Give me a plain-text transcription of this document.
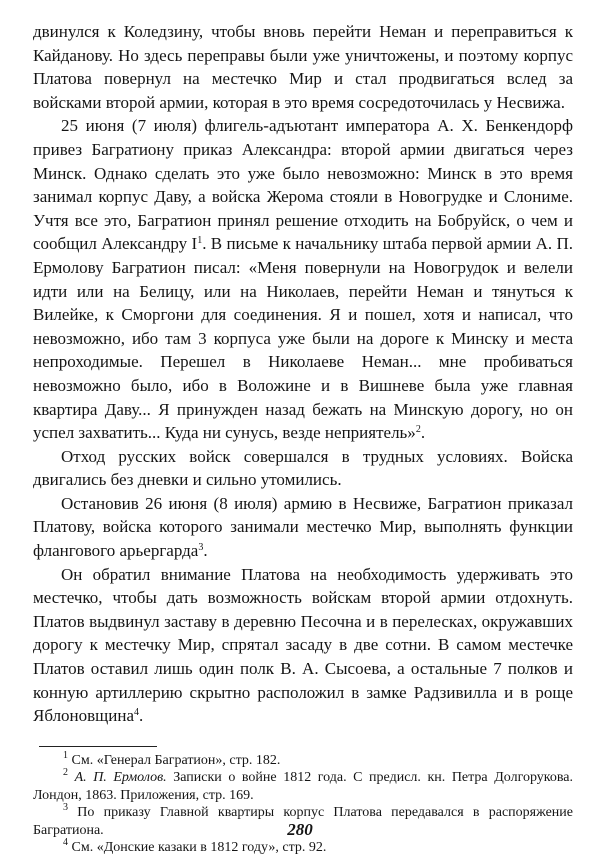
двинулся к Коледзину, чтобы вновь перейти Неман и переправиться к Кайданову. Но здесь переправы были уже уничтожены, и поэтому корпус Платова повернул на местечко Мир и стал продвигаться вслед за войсками второй армии, которая в это время сосредоточилась у Несвижа.

25 июня (7 июля) флигель-адъютант императора А. Х. Бенкендорф привез Багратиону приказ Александра: второй армии двигаться через Минск. Однако сделать это уже было невозможно: Минск в это время занимал корпус Даву, а войска Жерома стояли в Новогрудке и Слониме. Учтя все это, Багратион принял решение отходить на Бобруйск, о чем и сообщил Александру $I^1$. В письме к начальнику штаба первой армии А. П. Ермолову Багратион писал: «Меня повернули на Новогрудок и велели идти или на Белицу, или на Николаев, перейти Неман и тянуться к Вилейке, к Сморгони для соединения. Я и пошел, хотя и написал, что невозможно, ибо там 3 корпуса уже были на дороге к Минску и места непроходимые. Перешел в Николаеве Неман... мне пробиваться невозможно было, ибо в Воложине и в Вишневе была уже главная квартира Даву... Я принужден назад бежать на Минскую дорогу, но он успел захватить... Куда ни сунусь, везде неприятель»$^2$.

Отход русских войск совершался в трудных условиях. Войска двигались без дневки и сильно утомились.

Остановив 26 июня (8 июля) армию в Несвиже, Багратион приказал Платову, войска которого занимали местечко Мир, выполнять функции флангового арьергарда$^3$.

Он обратил внимание Платова на необходимость удерживать это местечко, чтобы дать возможность войскам второй армии отдохнуть. Платов выдвинул заставу в деревню Песочна и в перелесках, окружавших дорогу к местечку Мир, спрятал засаду в две сотни. В самом местечке Платов оставил лишь один полк В. А. Сысоева, а остальные 7 полков и конную артиллерию скрытно расположил в замке Радзивилла и в роще Яблоновщина$^4$.

$^1$ См. «Генерал Багратион», стр. 182.

$^2$ А. П. Ермолов. Записки о войне 1812 года. С предисл. кн. Петра Долгорукова. Лондон, 1863. Приложения, стр. 169.

$^3$ По приказу Главной квартиры корпус Платова передавался в распоряжение Багратиона.

$^4$ См. «Донские казаки в 1812 году», стр. 92.

280
